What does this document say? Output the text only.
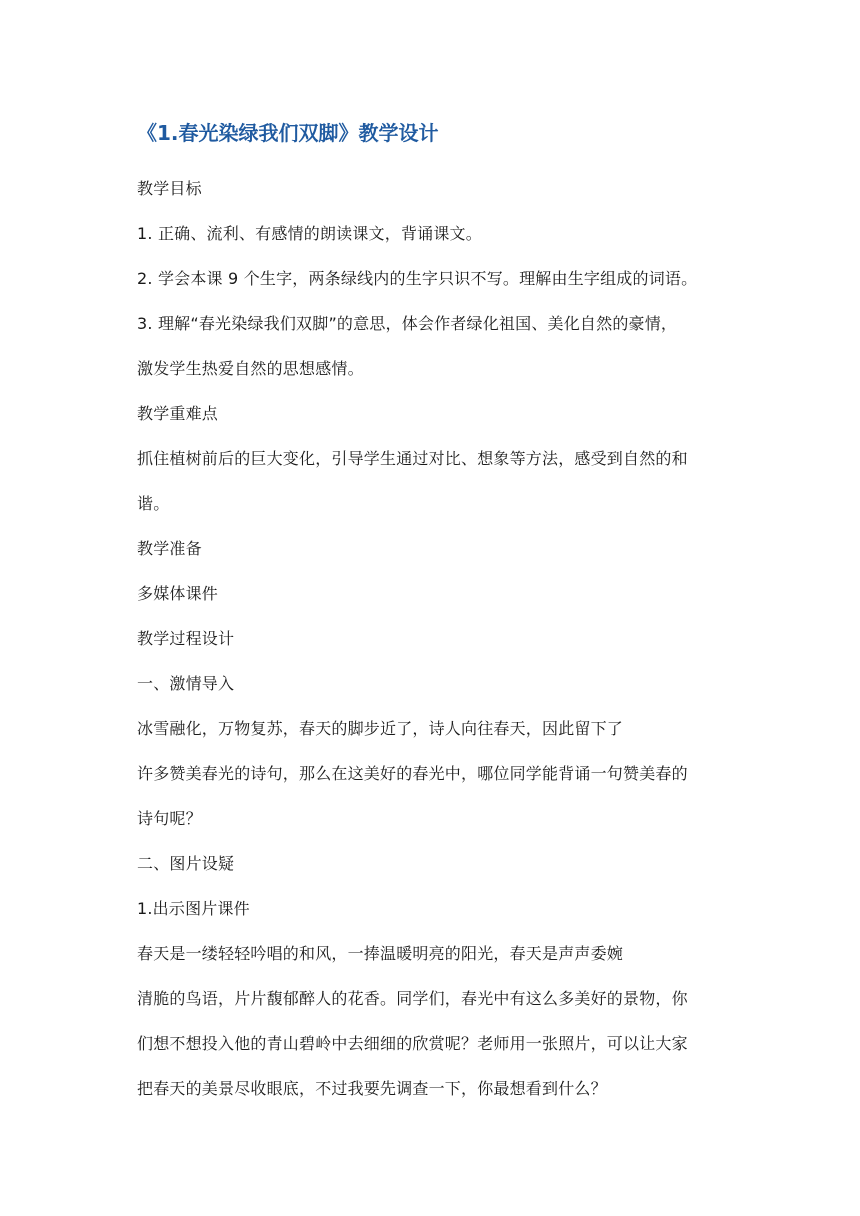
《1.春光染绿我们双脚》教学设计
教学目标
1. 正确、流利、有感情的朗读课文，背诵课文。
2. 学会本课 9 个生字，两条绿线内的生字只识不写。理解由生字组成的词语。
3. 理解“春光染绿我们双脚”的意思，体会作者绿化祖国、美化自然的豪情，
激发学生热爱自然的思想感情。
教学重难点
抓住植树前后的巨大变化，引导学生通过对比、想象等方法，感受到自然的和
谐。
教学准备
多媒体课件
教学过程设计
一、激情导入
冰雪融化，万物复苏，春天的脚步近了，诗人向往春天，因此留下了
许多赞美春光的诗句，那么在这美好的春光中，哪位同学能背诵一句赞美春的
诗句呢？
二、图片设疑
1.出示图片课件
春天是一缕轻轻吟唱的和风，一捧温暖明亮的阳光，春天是声声委婉
清脆的鸟语，片片馥郁醉人的花香。同学们，春光中有这么多美好的景物，你
们想不想投入他的青山碧岭中去细细的欣赏呢？老师用一张照片，可以让大家
把春天的美景尽收眼底，不过我要先调查一下，你最想看到什么？
